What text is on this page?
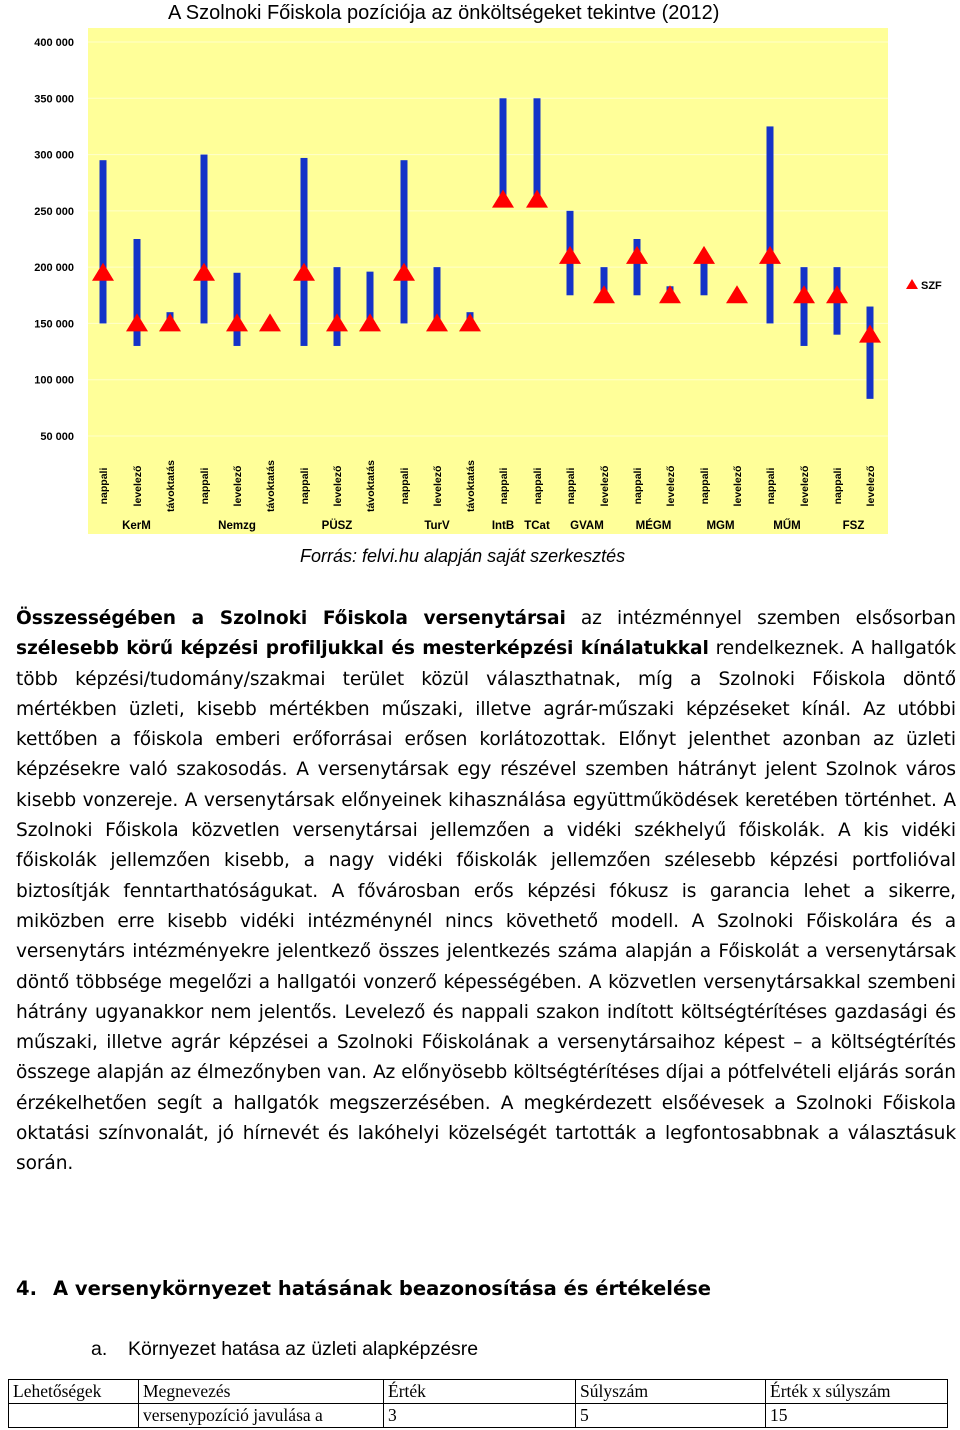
A Szolnoki Főiskola pozíciója az önköltségeket tekintve (2012)
400 000
350 000
300 000
250 000
200 000
150 000
100 000
50 000
nappali levelező távoktatás nappali levelező távoktatás nappali levelező távoktatás nappali levelező távoktatás nappali nappali nappali levelező nappali levelező nappali levelező nappali levelező nappali levelező
KerM	Nemzg	PÜSZ	TurV	IntB TCat GVAM	MÉGM	MGM	MŰM	FSZ
SZF
Forrás: felvi.hu alapján saját szerkesztés

Összességében a Szolnoki Főiskola versenytársai az intézménnyel szemben elsősorban szélesebb körű képzési profiljukkal és mesterképzési kínálatukkal rendelkeznek. A hallgatók több képzési/tudomány/szakmai terület közül választhatnak, míg a Szolnoki Főiskola döntő mértékben üzleti, kisebb mértékben műszaki, illetve agrár-műszaki képzéseket kínál. Az utóbbi kettőben a főiskola emberi erőforrásai erősen korlátozottak. Előnyt jelenthet azonban az üzleti képzésekre való szakosodás. A versenytársak egy részével szemben hátrányt jelent Szolnok város kisebb vonzereje. A versenytársak előnyeinek kihasználása együttműködések keretében történhet. A Szolnoki Főiskola közvetlen versenytársai jellemzően a vidéki székhelyű főiskolák. A kis vidéki főiskolák jellemzően kisebb, a nagy vidéki főiskolák jellemzően szélesebb képzési portfolióval biztosítják fenntarthatóságukat. A fővárosban erős képzési fókusz is garancia lehet a sikerre, miközben erre kisebb vidéki intézménynél nincs követhető modell. A Szolnoki Főiskolára és a versenytárs intézményekre jelentkező összes jelentkezés száma alapján a Főiskolát a versenytársak döntő többsége megelőzi a hallgatói vonzerő képességében. A közvetlen versenytársakkal szembeni hátrány ugyanakkor nem jelentős. Levelező és nappali szakon indított költségtérítéses gazdasági és műszaki, illetve agrár képzései a Szolnoki Főiskolának a versenytársaihoz képest – a költségtérítés összege alapján az élmezőnyben van. Az előnyösebb költségtérítéses díjai a pótfelvételi eljárás során érzékelhetően segít a hallgatók megszerzésében. A megkérdezett elsőévesek a Szolnoki Főiskola oktatási színvonalát, jó hírnevét és lakóhelyi közelségét tartották a legfontosabbnak a választásuk során.

4. A versenykörnyezet hatásának beazonosítása és értékelése
a. Környezet hatása az üzleti alapképzésre
Lehetőségek	Megnevezés	Érték	Súlyszám	Érték x súlyszám
	versenypozíció javulása a	3	5	15
